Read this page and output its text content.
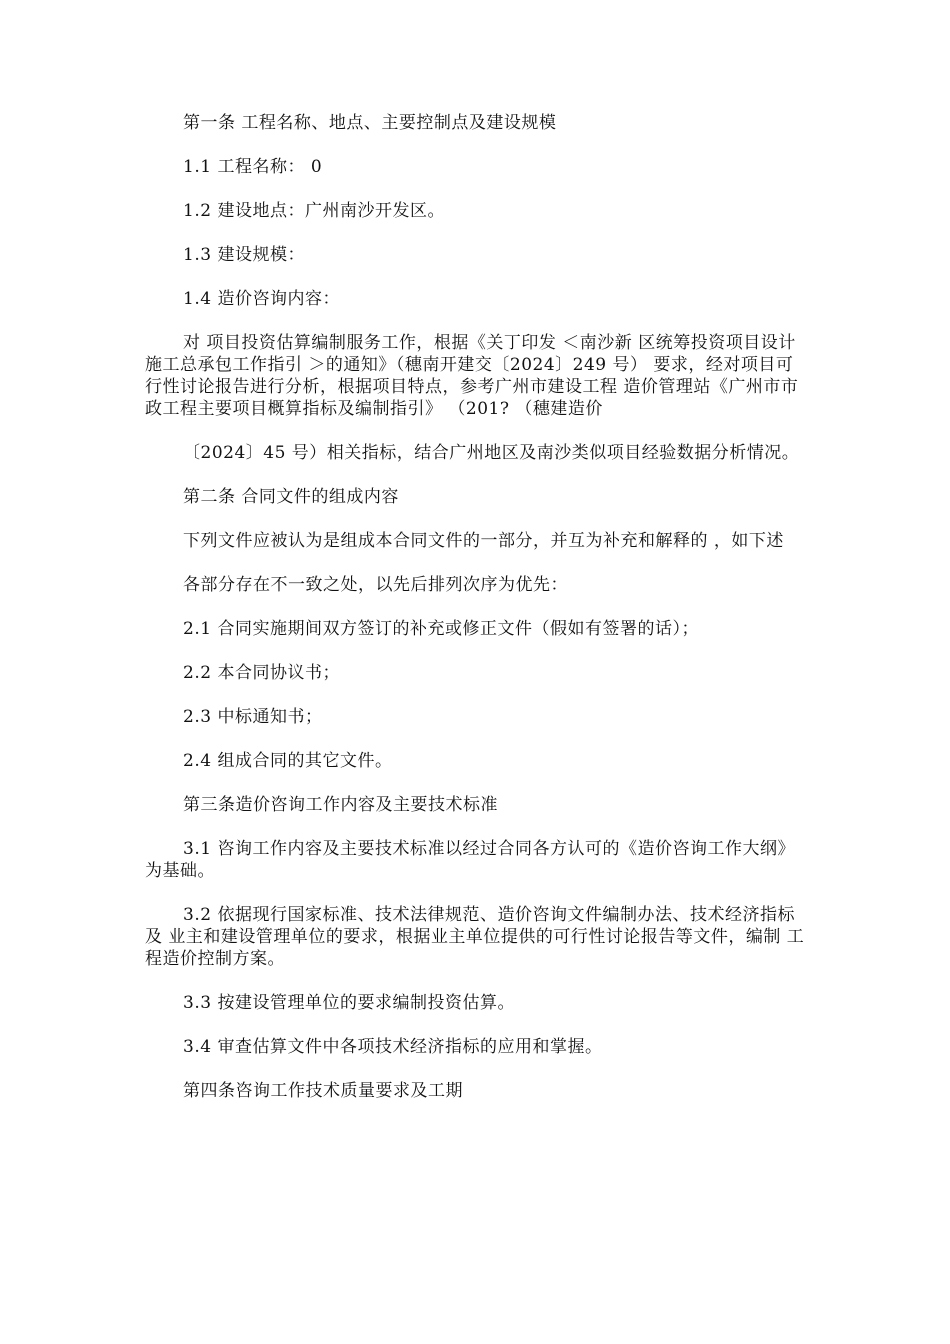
第一条 工程名称、地点、主要控制点及建设规模

1.1 工程名称： 0

1.2 建设地点：广州南沙开发区。

1.3 建设规模：

1.4 造价咨询内容：

对 项目投资估算编制服务工作，根据《关丁印发 ＜南沙新 区统筹投资项目设计施工总承包工作指引 ＞的通知》（穗南开建交〔2024〕249 号） 要求，经对项目可行性讨论报告进行分析，根据项目特点，参考广州市建设工程 造价管理站《广州市市政工程主要项目概算指标及编制指引》 （201? （穗建造价

〔2024〕45 号）相关指标，结合广州地区及南沙类似项目经验数据分析情况。

第二条 合同文件的组成内容

下列文件应被认为是组成本合同文件的一部分，并互为补充和解释的 ，如下述

各部分存在不一致之处，以先后排列次序为优先：

2.1 合同实施期间双方签订的补充或修正文件（假如有签署的话）；

2.2 本合同协议书；

2.3 中标通知书；

2.4 组成合同的其它文件。

第三条造价咨询工作内容及主要技术标准

3.1 咨询工作内容及主要技术标准以经过合同各方认可的《造价咨询工作大纲》 为基础。

3.2 依据现行国家标准、技术法律规范、造价咨询文件编制办法、技术经济指标及 业主和建设管理单位的要求，根据业主单位提供的可行性讨论报告等文件，编制 工程造价控制方案。

3.3 按建设管理单位的要求编制投资估算。

3.4 审查估算文件中各项技术经济指标的应用和掌握。

第四条咨询工作技术质量要求及工期
